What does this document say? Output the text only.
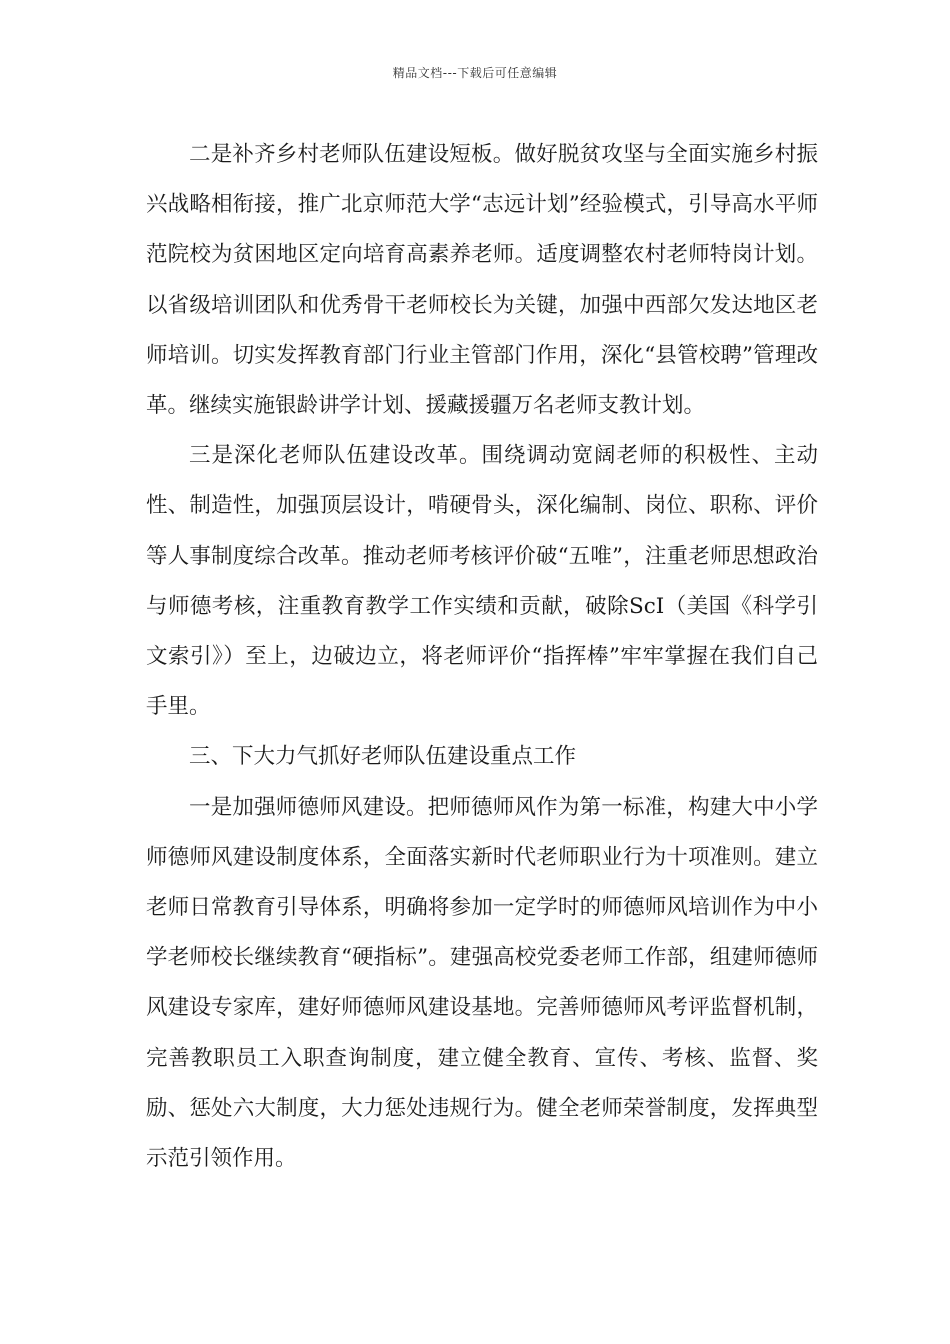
精品文档---下载后可任意编辑

二是补齐乡村老师队伍建设短板。做好脱贫攻坚与全面实施乡村振兴战略相衔接，推广北京师范大学“志远计划”经验模式，引导高水平师范院校为贫困地区定向培育高素养老师。适度调整农村老师特岗计划。以省级培训团队和优秀骨干老师校长为关键，加强中西部欠发达地区老师培训。切实发挥教育部门行业主管部门作用，深化“县管校聘”管理改革。继续实施银龄讲学计划、援藏援疆万名老师支教计划。

三是深化老师队伍建设改革。围绕调动宽阔老师的积极性、主动性、制造性，加强顶层设计，啃硬骨头，深化编制、岗位、职称、评价等人事制度综合改革。推动老师考核评价破“五唯”，注重老师思想政治与师德考核，注重教育教学工作实绩和贡献，破除ScI（美国《科学引文索引》）至上，边破边立，将老师评价“指挥棒”牢牢掌握在我们自己手里。

三、下大力气抓好老师队伍建设重点工作

一是加强师德师风建设。把师德师风作为第一标准，构建大中小学师德师风建设制度体系，全面落实新时代老师职业行为十项准则。建立老师日常教育引导体系，明确将参加一定学时的师德师风培训作为中小学老师校长继续教育“硬指标”。建强高校党委老师工作部，组建师德师风建设专家库，建好师德师风建设基地。完善师德师风考评监督机制，完善教职员工入职查询制度，建立健全教育、宣传、考核、监督、奖励、惩处六大制度，大力惩处违规行为。健全老师荣誉制度，发挥典型示范引领作用。
